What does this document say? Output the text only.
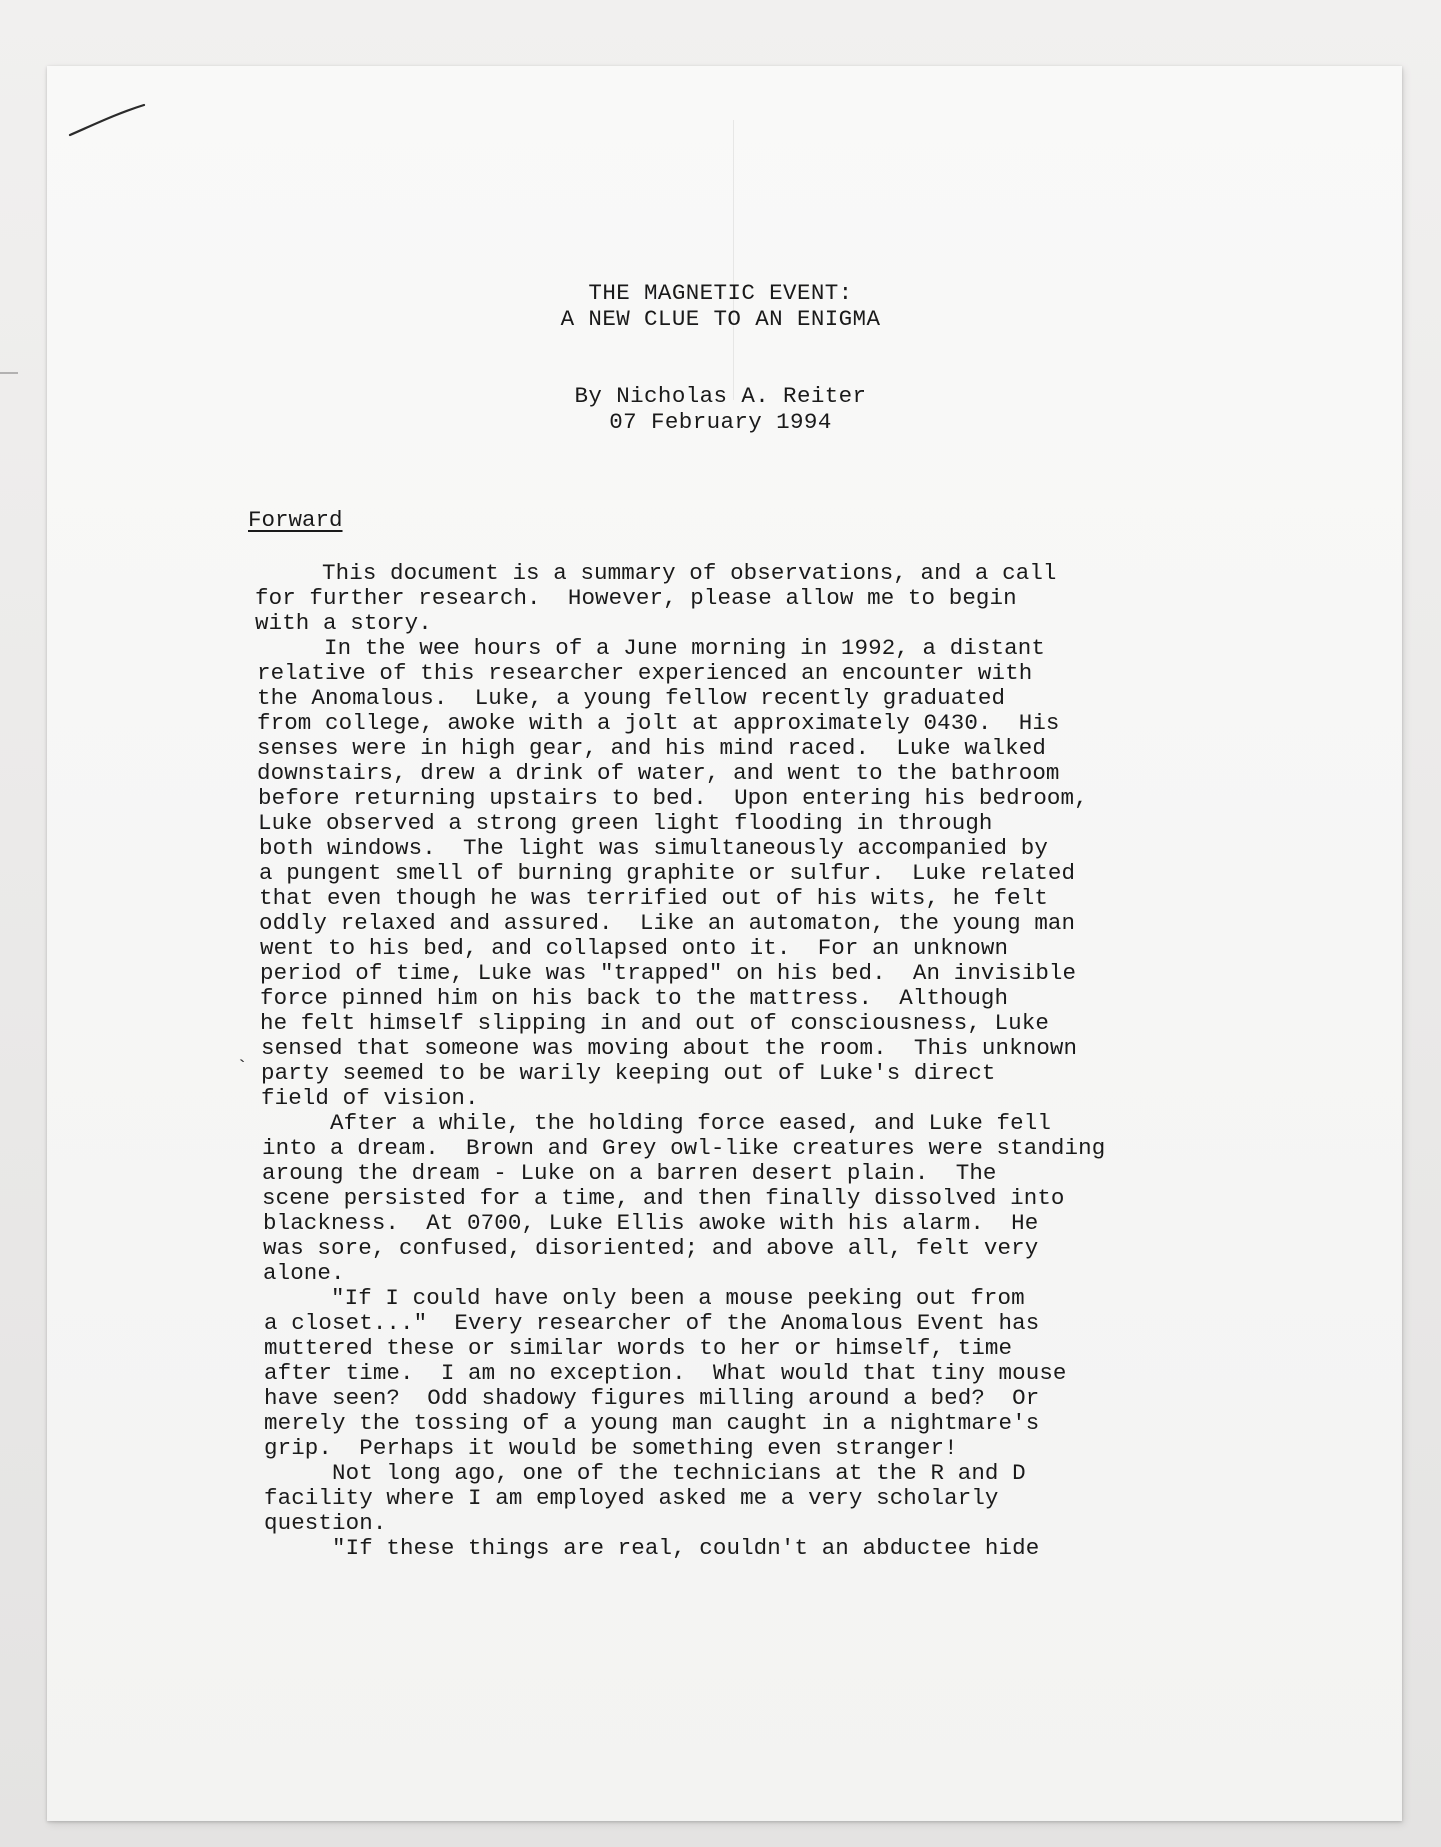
THE MAGNETIC EVENT:
A NEW CLUE TO AN ENIGMA
By Nicholas A. Reiter
07 February 1994
Forward
This document is a summary of observations, and a call
for further research.  However, please allow me to begin
with a story.
In the wee hours of a June morning in 1992, a distant
relative of this researcher experienced an encounter with
the Anomalous.  Luke, a young fellow recently graduated
from college, awoke with a jolt at approximately 0430.  His
senses were in high gear, and his mind raced.  Luke walked
downstairs, drew a drink of water, and went to the bathroom
before returning upstairs to bed.  Upon entering his bedroom,
Luke observed a strong green light flooding in through
both windows.  The light was simultaneously accompanied by
a pungent smell of burning graphite or sulfur.  Luke related
that even though he was terrified out of his wits, he felt
oddly relaxed and assured.  Like an automaton, the young man
went to his bed, and collapsed onto it.  For an unknown
period of time, Luke was "trapped" on his bed.  An invisible
force pinned him on his back to the mattress.  Although
he felt himself slipping in and out of consciousness, Luke
sensed that someone was moving about the room.  This unknown
party seemed to be warily keeping out of Luke's direct
field of vision.
After a while, the holding force eased, and Luke fell
into a dream.  Brown and Grey owl-like creatures were standing
aroung the dream - Luke on a barren desert plain.  The
scene persisted for a time, and then finally dissolved into
blackness.  At 0700, Luke Ellis awoke with his alarm.  He
was sore, confused, disoriented; and above all, felt very
alone.
"If I could have only been a mouse peeking out from
a closet..."  Every researcher of the Anomalous Event has
muttered these or similar words to her or himself, time
after time.  I am no exception.  What would that tiny mouse
have seen?  Odd shadowy figures milling around a bed?  Or
merely the tossing of a young man caught in a nightmare's
grip.  Perhaps it would be something even stranger!
Not long ago, one of the technicians at the R and D
facility where I am employed asked me a very scholarly
question.
"If these things are real, couldn't an abductee hide
`
